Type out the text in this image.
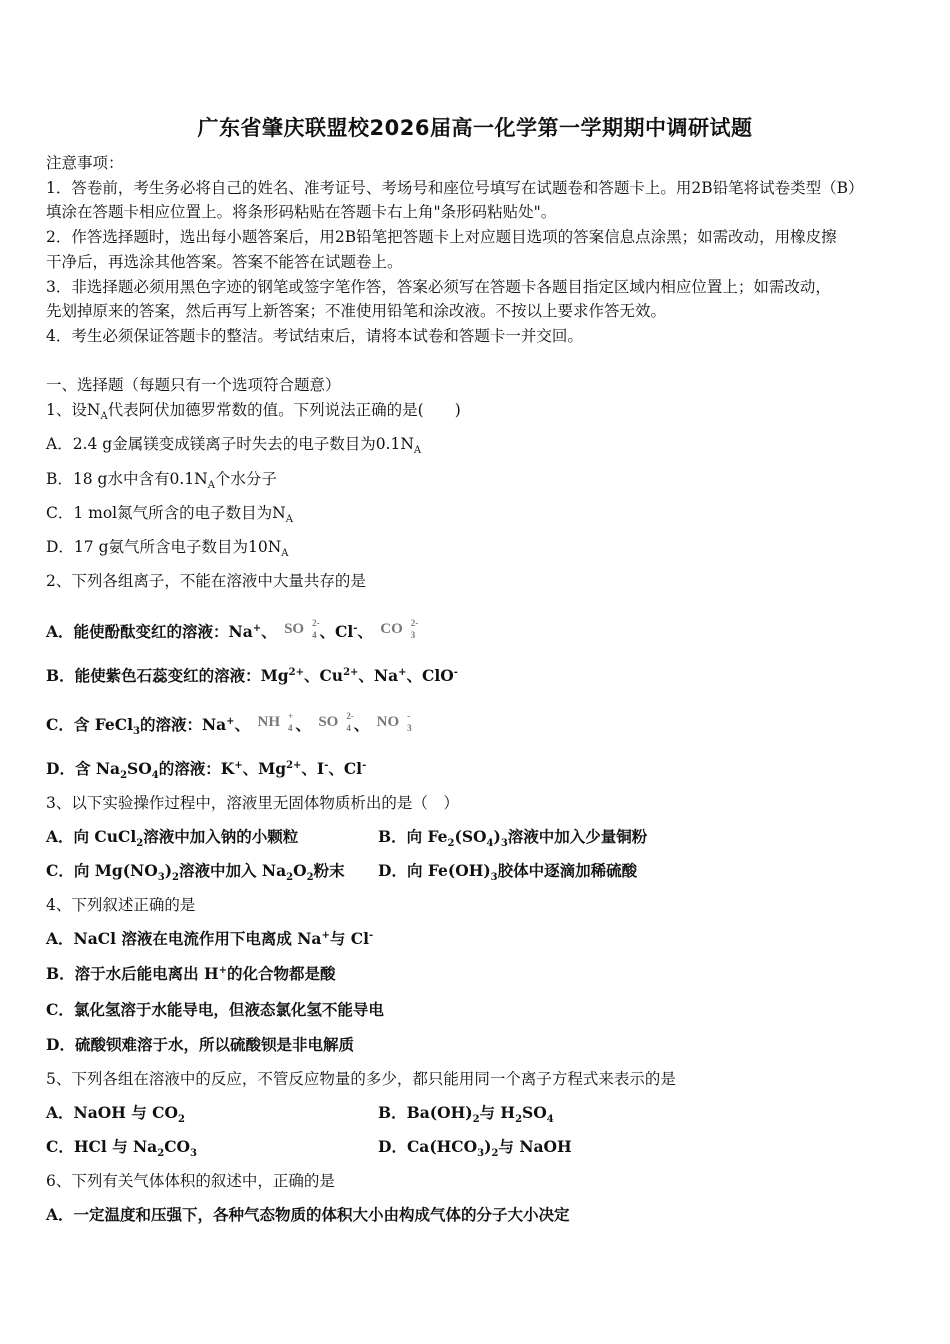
广东省肇庆联盟校2026届高一化学第一学期期中调研试题
注意事项：
1．答卷前，考生务必将自己的姓名、准考证号、考场号和座位号填写在试题卷和答题卡上。用2B铅笔将试卷类型（B）
填涂在答题卡相应位置上。将条形码粘贴在答题卡右上角"条形码粘贴处"。
2．作答选择题时，选出每小题答案后，用2B铅笔把答题卡上对应题目选项的答案信息点涂黑；如需改动，用橡皮擦
干净后，再选涂其他答案。答案不能答在试题卷上。
3．非选择题必须用黑色字迹的钢笔或签字笔作答，答案必须写在答题卡各题目指定区域内相应位置上；如需改动，
先划掉原来的答案，然后再写上新答案；不准使用铅笔和涂改液。不按以上要求作答无效。
4．考生必须保证答题卡的整洁。考试结束后，请将本试卷和答题卡一并交回。
一、选择题（每题只有一个选项符合题意）
1、设$N_A$代表阿伏加德罗常数的值。下列说法正确的是(　　)
A．2.4 g金属镁变成镁离子时失去的电子数目为$0.1N_A$
B．18 g水中含有$0.1N_A$个水分子
C．1 mol氮气所含的电子数目为$N_A$
D．17 g氨气所含电子数目为$10N_A$
2、下列各组离子，不能在溶液中大量共存的是
A．能使酚酞变红的溶液：Na+、 SO 2-
4 、Cl-、 CO 2-
3
B．能使紫色石蕊变红的溶液：$Mg^{2+}$、$Cu^{2+}$、Na+、ClO-
C．含 FeCl$_3$的溶液：Na+、 NH +
4 、 SO 2-
4 、 NO -
3
D．含 $Na_2SO_4$的溶液：K+、$Mg^{2+}$、I-、Cl-
3、以下实验操作过程中，溶液里无固体物质析出的是（　）
A．向 CuCl$_2$溶液中加入钠的小颗粒	B．向 $Fe_2(SO_4)_3$溶液中加入少量铜粉
C．向 $Mg(NO_3)_2$溶液中加入 $Na_2O_2$粉末 D．向 $Fe(OH)_3$胶体中逐滴加稀硫酸
4、下列叙述正确的是
A．NaCl 溶液在电流作用下电离成 Na+与 Cl-
B．溶于水后能电离出 H+的化合物都是酸
C．氯化氢溶于水能导电，但液态氯化氢不能导电
D．硫酸钡难溶于水，所以硫酸钡是非电解质
5、下列各组在溶液中的反应，不管反应物量的多少，都只能用同一个离子方程式来表示的是
A．NaOH 与 $CO_2$	B．$Ba(OH)_2$与 $H_2SO_4$
C．HCl 与 $Na_2CO_3$	D．$Ca(HCO_3)_2$与 NaOH
6、下列有关气体体积的叙述中，正确的是
A．一定温度和压强下，各种气态物质的体积大小由构成气体的分子大小决定
